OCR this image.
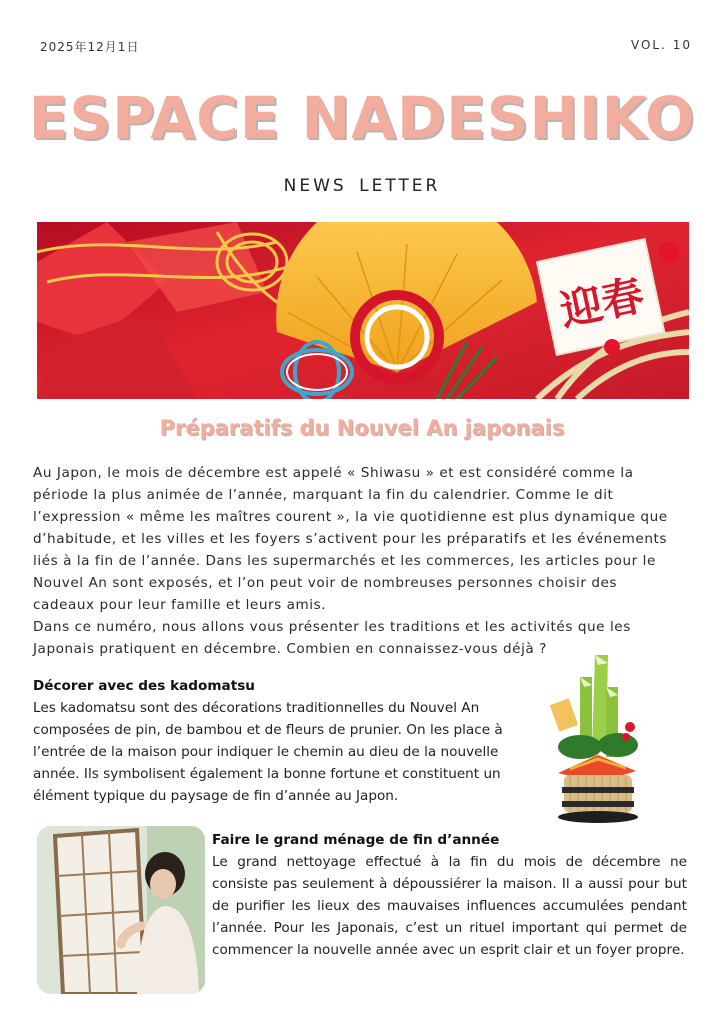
2025年12月1日	VOL. 10
ESPACE NADESHIKO
NEWS LETTER
迎春
Préparatifs du Nouvel An japonais

Au Japon, le mois de décembre est appelé « Shiwasu » et est considéré comme la période la plus animée de l’année, marquant la fin du calendrier. Comme le dit l’expression « même les maîtres courent », la vie quotidienne est plus dynamique que d’habitude, et les villes et les foyers s’activent pour les préparatifs et les événements liés à la fin de l’année. Dans les supermarchés et les commerces, les articles pour le Nouvel An sont exposés, et l’on peut voir de nombreuses personnes choisir des cadeaux pour leur famille et leurs amis.

Dans ce numéro, nous allons vous présenter les traditions et les activités que les Japonais pratiquent en décembre. Combien en connaissez-vous déjà ?

Décorer avec des kadomatsu

Les kadomatsu sont des décorations traditionnelles du Nouvel An composées de pin, de bambou et de fleurs de prunier. On les place à l’entrée de la maison pour indiquer le chemin au dieu de la nouvelle année. Ils symbolisent également la bonne fortune et constituent un élément typique du paysage de fin d’année au Japon.

Faire le grand ménage de fin d’année

Le grand nettoyage effectué à la fin du mois de décembre ne consiste pas seulement à dépoussiérer la maison. Il a aussi pour but de purifier les lieux des mauvaises influences accumulées pendant l’année. Pour les Japonais, c’est un rituel important qui permet de commencer la nouvelle année avec un esprit clair et un foyer propre.
